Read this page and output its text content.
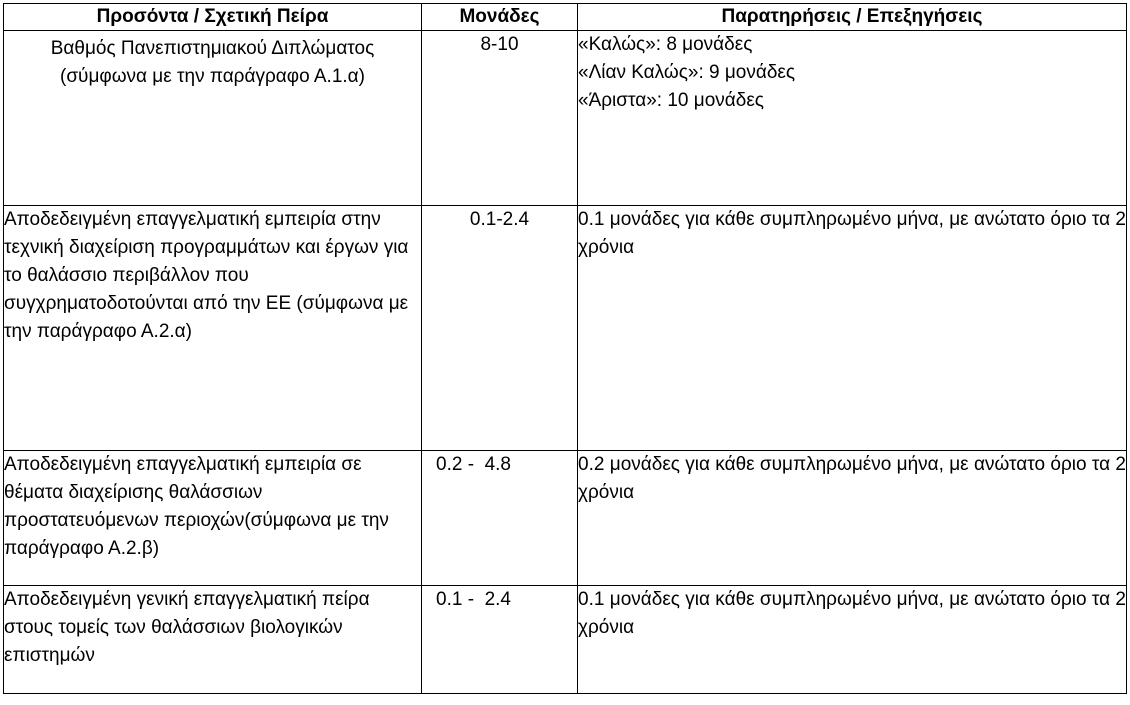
Προσόντα / Σχετική Πείρα	Μονάδες	Παρατηρήσεις / Επεξηγήσεις
Βαθμός Πανεπιστημιακού Διπλώματος (σύμφωνα με την παράγραφο Α.1.α)	8-10	«Καλώς»: 8 μονάδες
«Λίαν Καλώς»: 9 μονάδες
«Άριστα»: 10 μονάδες

Αποδεδειγμένη επαγγελματική εμπειρία στην τεχνική διαχείριση προγραμμάτων και έργων για το θαλάσσιο περιβάλλον που συγχρηματοδοτούνται από την ΕΕ (σύμφωνα με την παράγραφο Α.2.α)	0.1-2.4	0.1 μονάδες για κάθε συμπληρωμένο μήνα, με ανώτατο όριο τα 2 χρόνια
Αποδεδειγμένη επαγγελματική εμπειρία σε θέματα διαχείρισης θαλάσσιων προστατευόμενων περιοχών(σύμφωνα με την παράγραφο Α.2.β)	0.2 -  4.8	0.2 μονάδες για κάθε συμπληρωμένο μήνα, με ανώτατο όριο τα 2 χρόνια
Αποδεδειγμένη γενική επαγγελματική πείρα στους τομείς των θαλάσσιων βιολογικών επιστημών	0.1 -  2.4	0.1 μονάδες για κάθε συμπληρωμένο μήνα, με ανώτατο όριο τα 2 χρόνια
